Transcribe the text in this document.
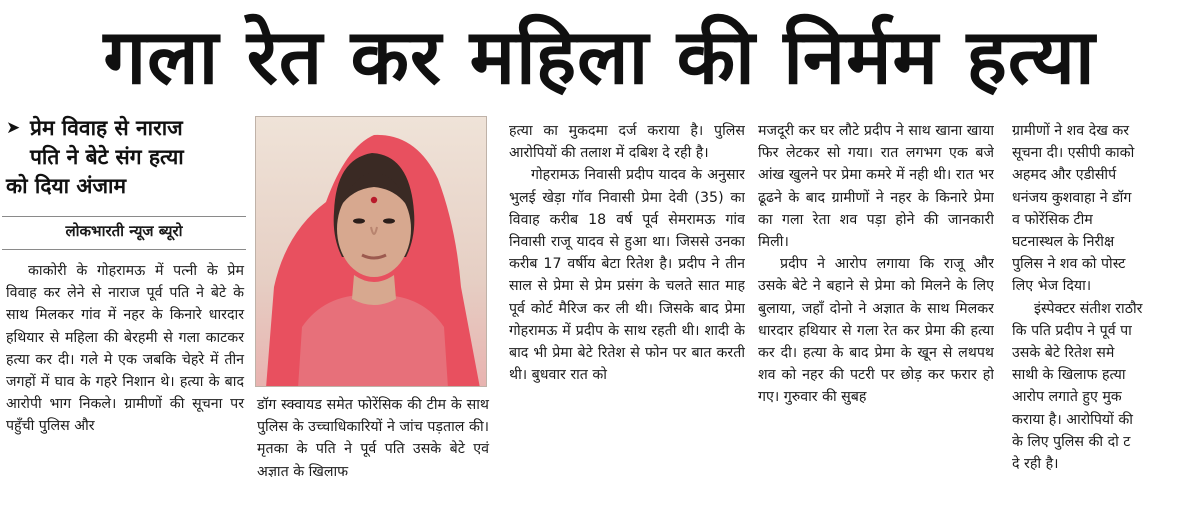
गला रेत कर महिला की निर्मम हत्या
➤ प्रेम विवाह से नाराज
पति ने बेटे संग हत्या
को दिया अंजाम
लोकभारती न्यूज ब्यूरो

काकोरी के गोहरामऊ में पत्नी के प्रेम विवाह कर लेने से नाराज पूर्व पति ने बेटे के साथ मिलकर गांव में नहर के किनारे धारदार हथियार से महिला की बेरहमी से गला काटकर हत्या कर दी। गले मे एक जबकि चेहरे में तीन जगहों में घाव के गहरे निशान थे। हत्या के बाद आरोपी भाग निकले। ग्रामीणों की सूचना पर पहुँची पुलिस और

डॉग स्क्वायड समेत फोरेंसिक की टीम के साथ पुलिस के उच्चाधिकारियों ने जांच पड़ताल की। मृतका के पति ने पूर्व पति उसके बेटे एवं अज्ञात के खिलाफ

हत्या का मुकदमा दर्ज कराया है। पुलिस आरोपियों की तलाश में दबिश दे रही है।

गोहरामऊ निवासी प्रदीप यादव के अनुसार भुलई खेड़ा गॉव निवासी प्रेमा देवी (35) का विवाह करीब 18 वर्ष पूर्व सेमरामऊ गांव निवासी राजू यादव से हुआ था। जिससे उनका करीब 17 वर्षीय बेटा रितेश है। प्रदीप ने तीन साल से प्रेमा से प्रेम प्रसंग के चलते सात माह पूर्व कोर्ट मैरिज कर ली थी। जिसके बाद प्रेमा गोहरामऊ में प्रदीप के साथ रहती थी। शादी के बाद भी प्रेमा बेटे रितेश से फोन पर बात करती थी। बुधवार रात को

मजदूरी कर घर लौटे प्रदीप ने साथ खाना खाया फिर लेटकर सो गया। रात लगभग एक बजे आंख खुलने पर प्रेमा कमरे में नही थी। रात भर ढूढने के बाद ग्रामीणों ने नहर के किनारे प्रेमा का गला रेता शव पड़ा होने की जानकारी मिली।

प्रदीप ने आरोप लगाया कि राजू और उसके बेटे ने बहाने से प्रेमा को मिलने के लिए बुलाया, जहाँ दोनो ने अज्ञात के साथ मिलकर धारदार हथियार से गला रेत कर प्रेमा की हत्या कर दी। हत्या के बाद प्रेमा के खून से लथपथ शव को नहर की पटरी पर छोड़ कर फरार हो गए। गुरुवार की सुबह

ग्रामीणों ने शव देख कर

सूचना दी। एसीपी काको

अहमद और एडीसीर्प

धनंजय कुशवाहा ने डॉग

व फोरेंसिक टीम

घटनास्थल के निरीक्ष

पुलिस ने शव को पोस्ट

लिए भेज दिया।

इंस्पेक्टर संतीश राठौर

कि पति प्रदीप ने पूर्व पा

उसके बेटे रितेश समे

साथी के खिलाफ हत्या

आरोप लगाते हुए मुक

कराया है। आरोपियों की

के लिए पुलिस की दो ट

दे रही है।
